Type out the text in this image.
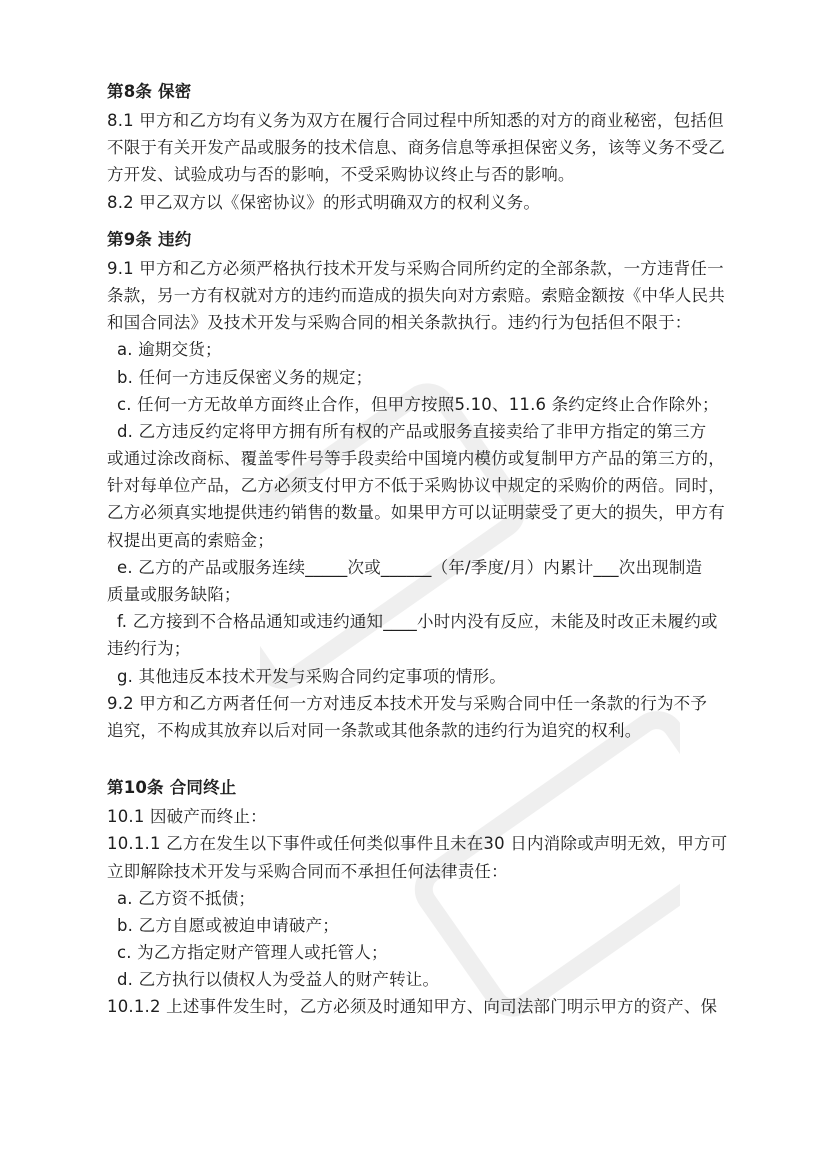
第8条 保密
8.1 甲方和乙方均有义务为双方在履行合同过程中所知悉的对方的商业秘密，包括但
不限于有关开发产品或服务的技术信息、商务信息等承担保密义务，该等义务不受乙
方开发、试验成功与否的影响，不受采购协议终止与否的影响。
8.2 甲乙双方以《保密协议》的形式明确双方的权利义务。
第9条 违约
9.1 甲方和乙方必须严格执行技术开发与采购合同所约定的全部条款，一方违背任一
条款，另一方有权就对方的违约而造成的损失向对方索赔。索赔金额按《中华人民共
和国合同法》及技术开发与采购合同的相关条款执行。违约行为包括但不限于：
a. 逾期交货；
b. 任何一方违反保密义务的规定；
c. 任何一方无故单方面终止合作，但甲方按照5.10、11.6 条约定终止合作除外；
d. 乙方违反约定将甲方拥有所有权的产品或服务直接卖给了非甲方指定的第三方
或通过涂改商标、覆盖零件号等手段卖给中国境内模仿或复制甲方产品的第三方的，
针对每单位产品，乙方必须支付甲方不低于采购协议中规定的采购价的两倍。同时，
乙方必须真实地提供违约销售的数量。如果甲方可以证明蒙受了更大的损失，甲方有
权提出更高的索赔金；
e. 乙方的产品或服务连续_____次或______（年/季度/月）内累计___次出现制造
质量或服务缺陷；
f. 乙方接到不合格品通知或违约通知____小时内没有反应，未能及时改正未履约或
违约行为；
g. 其他违反本技术开发与采购合同约定事项的情形。
9.2 甲方和乙方两者任何一方对违反本技术开发与采购合同中任一条款的行为不予
追究，不构成其放弃以后对同一条款或其他条款的违约行为追究的权利。
第10条 合同终止
10.1 因破产而终止：
10.1.1 乙方在发生以下事件或任何类似事件且未在30 日内消除或声明无效，甲方可
立即解除技术开发与采购合同而不承担任何法律责任：
a. 乙方资不抵债；
b. 乙方自愿或被迫申请破产；
c. 为乙方指定财产管理人或托管人；
d. 乙方执行以债权人为受益人的财产转让。
10.1.2 上述事件发生时，乙方必须及时通知甲方、向司法部门明示甲方的资产、保
